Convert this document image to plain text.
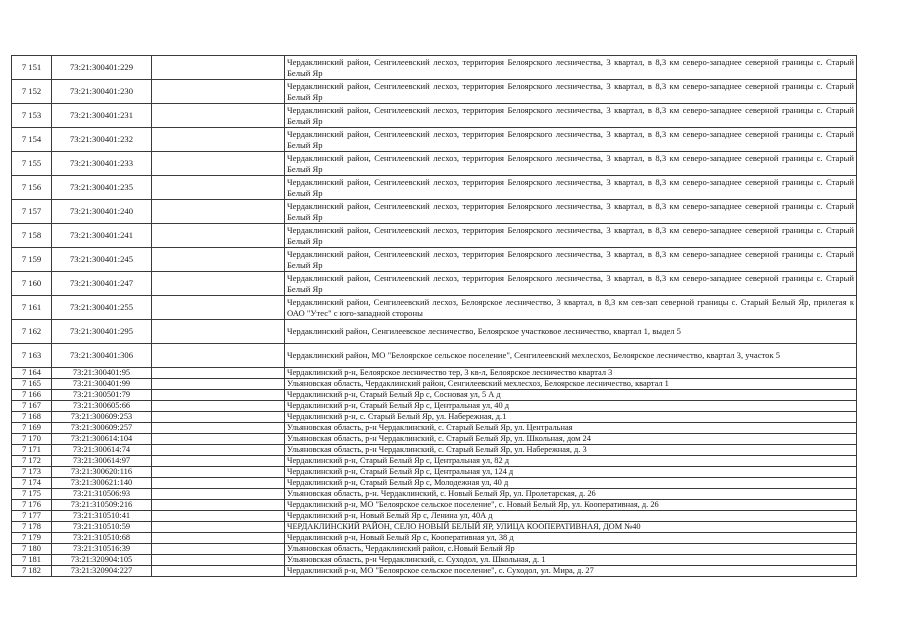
7 151	73:21:300401:229		Чердаклинский район, Сенгилеевский лесхоз, территория Белоярского лесничества, 3 квартал, в 8,3 км северо-западнее северной границы с. Старый Белый Яр
7 152	73:21:300401:230		Чердаклинский район, Сенгилеевский лесхоз, территория Белоярского лесничества, 3 квартал, в 8,3 км северо-западнее северной границы с. Старый Белый Яр
7 153	73:21:300401:231		Чердаклинский район, Сенгилеевский лесхоз, территория Белоярского лесничества, 3 квартал, в 8,3 км северо-западнее северной границы с. Старый Белый Яр
7 154	73:21:300401:232		Чердаклинский район, Сенгилеевский лесхоз, территория Белоярского лесничества, 3 квартал, в 8,3 км северо-западнее северной границы с. Старый Белый Яр
7 155	73:21:300401:233		Чердаклинский район, Сенгилеевский лесхоз, территория Белоярского лесничества, 3 квартал, в 8,3 км северо-западнее северной границы с. Старый Белый Яр
7 156	73:21:300401:235		Чердаклинский район, Сенгилеевский лесхоз, территория Белоярского лесничества, 3 квартал, в 8,3 км северо-западнее северной границы с. Старый Белый Яр
7 157	73:21:300401:240		Чердаклинский район, Сенгилеевский лесхоз, территория Белоярского лесничества, 3 квартал, в 8,3 км северо-западнее северной границы с. Старый Белый Яр
7 158	73:21:300401:241		Чердаклинский район, Сенгилеевский лесхоз, территория Белоярского лесничества, 3 квартал, в 8,3 км северо-западнее северной границы с. Старый Белый Яр
7 159	73:21:300401:245		Чердаклинский район, Сенгилеевский лесхоз, территория Белоярского лесничества, 3 квартал, в 8,3 км северо-западнее северной границы с. Старый Белый Яр
7 160	73:21:300401:247		Чердаклинский район, Сенгилеевский лесхоз, территория Белоярского лесничества, 3 квартал, в 8,3 км северо-западнее северной границы с. Старый Белый Яр
7 161	73:21:300401:255		Чердаклинский район, Сенгилеевский лесхоз, Белоярское лесничество, 3 квартал, в 8,3 км сев-зап северной границы с. Старый Белый Яр, прилегая к ОАО "Утес" с юго-западной стороны
7 162	73:21:300401:295		Чердаклинский район, Сенгилеевское лесничество, Белоярское участковое лесничество, квартал 1, выдел 5
7 163	73:21:300401:306		Чердаклинский район, МО "Белоярское сельское поселение", Сенгилеевский мехлесхоз, Белоярское лесничество, квартал 3, участок 5
7 164	73:21:300401:95		Чердаклинский р-н, Белоярское лесничество тер, 3 кв-л, Белоярское лесничество квартал 3
7 165	73:21:300401:99		Ульяновская область, Чердаклинский район, Сенгилеевский мехлесхоз, Белоярское лесничество, квартал 1
7 166	73:21:300501:79		Чердаклинский р-н, Старый Белый Яр с, Сосновая ул, 5 А д
7 167	73:21:300605:66		Чердаклинский р-н, Старый Белый Яр с, Центральная ул, 40 д
7 168	73:21:300609:253		Чердаклинский р-н, с. Старый Белый Яр, ул. Набережная, д.1
7 169	73:21:300609:257		Ульяновская область, р-н Чердаклинский, с. Старый Белый Яр, ул. Центральная
7 170	73:21:300614:104		Ульяновская область, р-н Чердаклинский, с. Старый Белый Яр, ул. Школьная, дом 24
7 171	73:21:300614:74		Ульяновская область, р-н Чердаклинский, с. Старый Белый Яр, ул. Набережная, д. 3
7 172	73:21:300614:97		Чердаклинский р-н, Старый Белый Яр с, Центральная ул, 82 д
7 173	73:21:300620:116		Чердаклинский р-н, Старый Белый Яр с, Центральная ул, 124 д
7 174	73:21:300621:140		Чердаклинский р-н, Старый Белый Яр с, Молодежная ул, 40 д
7 175	73:21:310506:93		Ульяновская область, р-н. Чердаклинский, с. Новый Белый Яр, ул. Пролетарская, д. 26
7 176	73:21:310509:216		Чердаклинский р-н, МО "Белоярское сельское поселение", с. Новый Белый Яр, ул. Кооперативная, д. 26
7 177	73:21:310510:41		Чердаклинский р-н, Новый Белый Яр с, Ленина ул, 40А д
7 178	73:21:310510:59		ЧЕРДАКЛИНСКИЙ РАЙОН, СЕЛО НОВЫЙ БЕЛЫЙ ЯР, УЛИЦА КООПЕРАТИВНАЯ, ДОМ №40
7 179	73:21:310510:68		Чердаклинский р-н, Новый Белый Яр с, Кооперативная ул, 38 д
7 180	73:21:310516:39		Ульяновская область, Чердаклинский район, с.Новый Белый Яр
7 181	73:21:320904:105		Ульяновская область, р-н Чердаклинский, с. Суходол, ул. Школьная, д. 1
7 182	73:21:320904:227		Чердаклинский р-н, МО "Белоярское сельское поселение", с. Суходол, ул. Мира, д. 27
